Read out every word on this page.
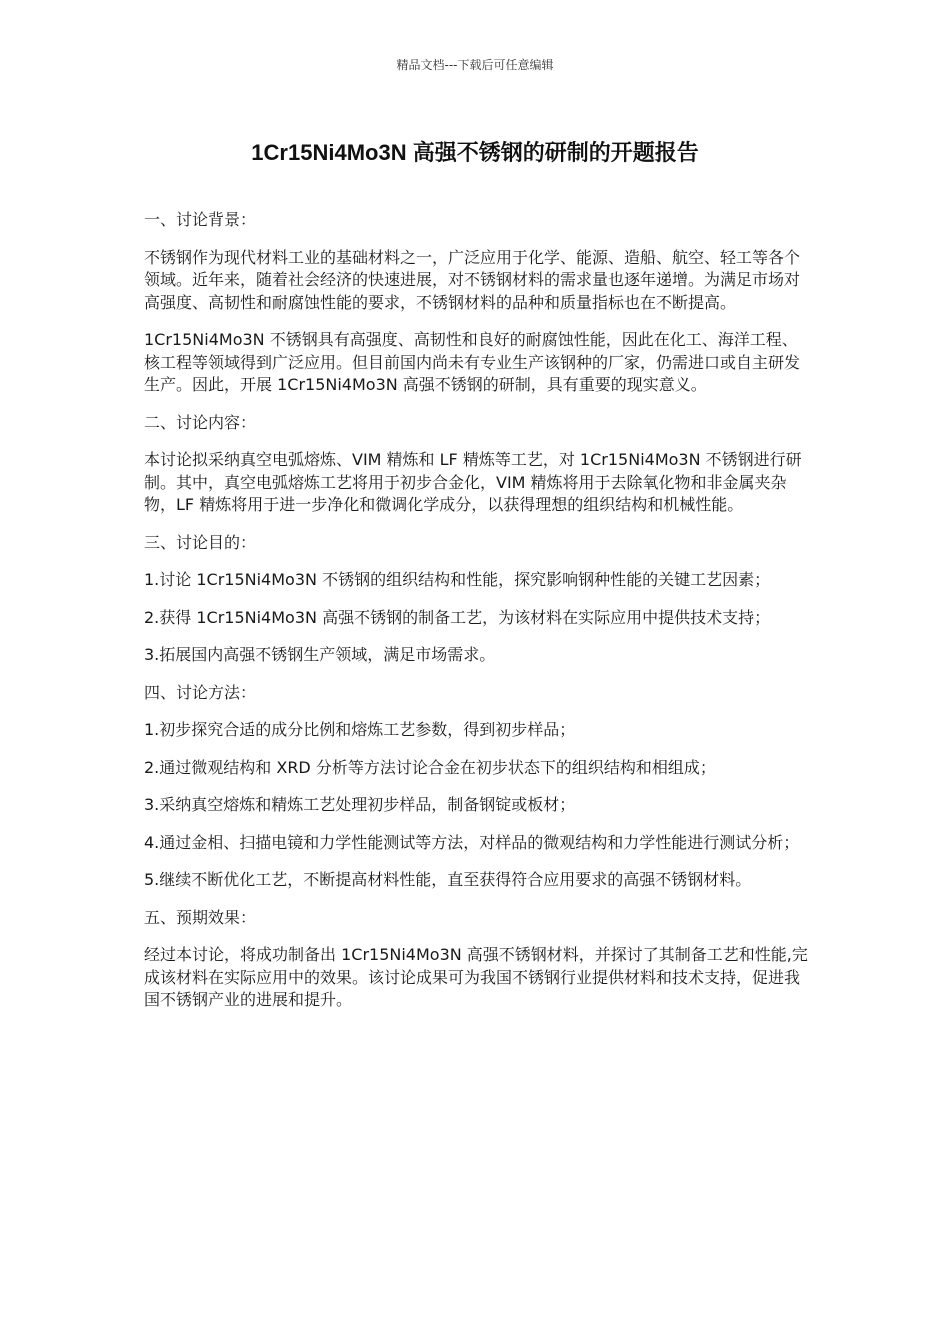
精品文档---下载后可任意编辑
1Cr15Ni4Mo3N 高强不锈钢的研制的开题报告

一、讨论背景：

不锈钢作为现代材料工业的基础材料之一，广泛应用于化学、能源、造船、航空、轻工等各个领域。近年来，随着社会经济的快速进展，对不锈钢材料的需求量也逐年递增。为满足市场对高强度、高韧性和耐腐蚀性能的要求，不锈钢材料的品种和质量指标也在不断提高。

1Cr15Ni4Mo3N 不锈钢具有高强度、高韧性和良好的耐腐蚀性能，因此在化工、海洋工程、核工程等领域得到广泛应用。但目前国内尚未有专业生产该钢种的厂家，仍需进口或自主研发生产。因此，开展 1Cr15Ni4Mo3N 高强不锈钢的研制，具有重要的现实意义。

二、讨论内容：

本讨论拟采纳真空电弧熔炼、VIM 精炼和 LF 精炼等工艺，对 1Cr15Ni4Mo3N 不锈钢进行研制。其中，真空电弧熔炼工艺将用于初步合金化，VIM 精炼将用于去除氧化物和非金属夹杂物，LF 精炼将用于进一步净化和微调化学成分，以获得理想的组织结构和机械性能。

三、讨论目的：

1.讨论 1Cr15Ni4Mo3N 不锈钢的组织结构和性能，探究影响钢种性能的关键工艺因素；

2.获得 1Cr15Ni4Mo3N 高强不锈钢的制备工艺，为该材料在实际应用中提供技术支持；

3.拓展国内高强不锈钢生产领域，满足市场需求。

四、讨论方法：

1.初步探究合适的成分比例和熔炼工艺参数，得到初步样品；

2.通过微观结构和 XRD 分析等方法讨论合金在初步状态下的组织结构和相组成；

3.采纳真空熔炼和精炼工艺处理初步样品，制备钢锭或板材；

4.通过金相、扫描电镜和力学性能测试等方法，对样品的微观结构和力学性能进行测试分析；

5.继续不断优化工艺，不断提高材料性能，直至获得符合应用要求的高强不锈钢材料。

五、预期效果：

经过本讨论，将成功制备出 1Cr15Ni4Mo3N 高强不锈钢材料，并探讨了其制备工艺和性能,完成该材料在实际应用中的效果。该讨论成果可为我国不锈钢行业提供材料和技术支持，促进我国不锈钢产业的进展和提升。
